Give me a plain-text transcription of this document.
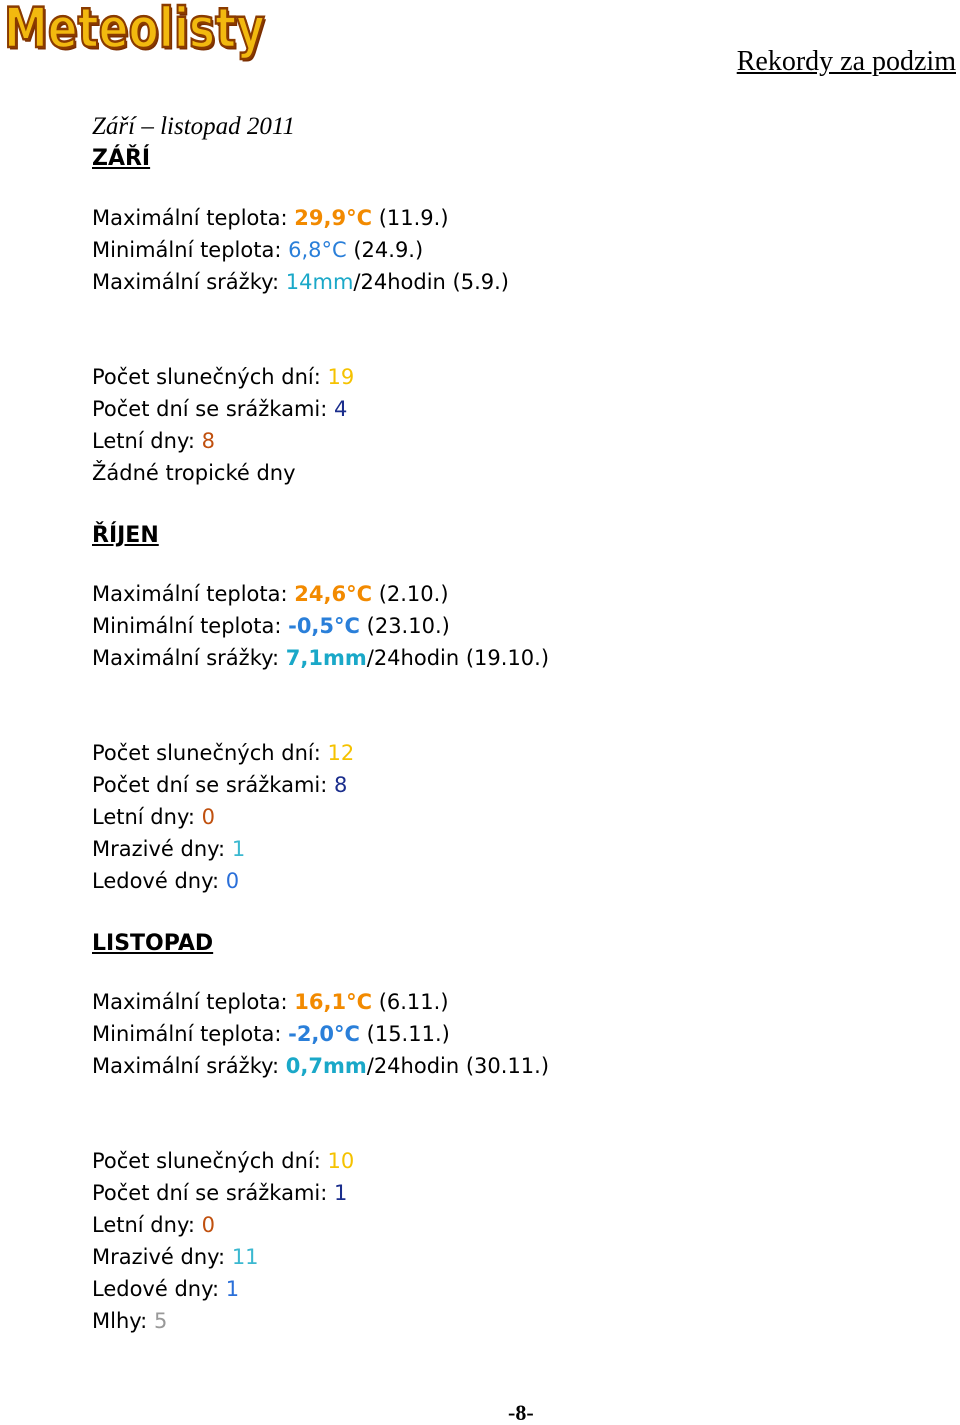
Meteolisty
Rekordy za podzim
Září – listopad 2011
ZÁŘÍ
Maximální teplota: 29,9°C (11.9.)
Minimální teplota: 6,8°C (24.9.)
Maximální srážky: 14mm/24hodin (5.9.)
Počet slunečných dní: 19
Počet dní se srážkami: 4
Letní dny: 8
Žádné tropické dny
ŘÍJEN
Maximální teplota: 24,6°C (2.10.)
Minimální teplota: -0,5°C (23.10.)
Maximální srážky: 7,1mm/24hodin (19.10.)
Počet slunečných dní: 12
Počet dní se srážkami: 8
Letní dny: 0
Mrazivé dny: 1
Ledové dny: 0
LISTOPAD
Maximální teplota: 16,1°C (6.11.)
Minimální teplota: -2,0°C (15.11.)
Maximální srážky: 0,7mm/24hodin (30.11.)
Počet slunečných dní: 10
Počet dní se srážkami: 1
Letní dny: 0
Mrazivé dny: 11
Ledové dny: 1
Mlhy: 5
-8-
